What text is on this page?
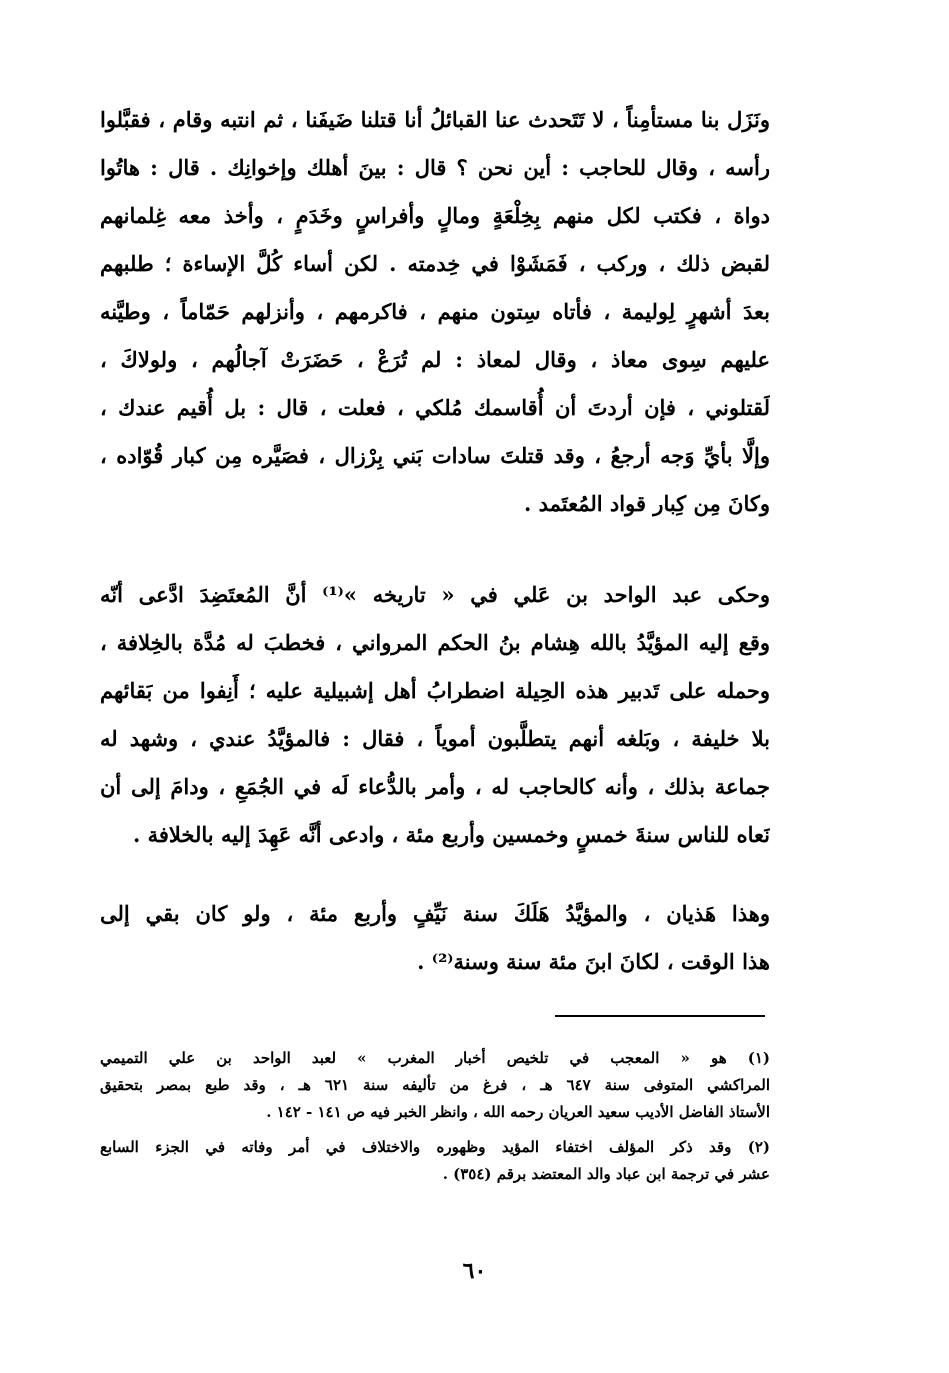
ونَزَل بنا مستأمِناً ، لا تَتَحدث عنا القبائلُ أنا قتلنا ضَيفَنا ، ثم انتبه وقام ، فقبَّلوا
رأسه ، وقال للحاجب : أين نحن ؟ قال : بينَ أهلك وإخوانِك . قال : هاتُوا
دواة ، فكتب لكل منهم بِخِلْعَةٍ ومالٍ وأفراسٍ وخَدَمٍ ، وأخذ معه غِلمانهم
لقبض ذلك ، وركب ، فَمَشَوْا في خِدمته . لكن أساء كُلَّ الإساءة ؛ طلبهم
بعدَ أشهرٍ لِوليمة ، فأتاه سِتون منهم ، فاكرمهم ، وأنزلهم حَمّاماً ، وطيَّنه
عليهم سِوى معاذ ، وقال لمعاذ : لم تُرَعْ ، حَضَرَتْ آجالُهم ، ولولاكَ ،
لَقتلوني ، فإن أردتَ أن أُقاسمك مُلكي ، فعلت ، قال : بل أُقيم عندك ،
وإلَّا بأيِّ وَجه أرجعُ ، وقد قتلتَ سادات بَني بِرْزال ، فصَيَّره مِن كبار قُوّاده ،
وكانَ مِن كِبار قواد المُعتَمد .
وحكى عبد الواحد بن عَلي في « تاريخه »⁽¹⁾ أنَّ المُعتَضِدَ ادَّعى أنّه
وقع إليه المؤيَّدُ بالله هِشام بنُ الحكم المرواني ، فخطبَ له مُدَّة بالخِلافة ،
وحمله على تَدبير هذه الحِيلة اضطرابُ أهل إشبيلية عليه ؛ أَنِفوا من بَقائهم
بلا خليفة ، وبَلغه أنهم يتطلَّبون أموياً ، فقال : فالمؤيَّدُ عندي ، وشهد له
جماعة بذلك ، وأنه كالحاجب له ، وأمر بالدُّعاء لَه في الجُمَعِ ، ودامَ إلى أن
نَعاه للناس سنةَ خمسٍ وخمسين وأربع مئة ، وادعى أنَّه عَهِدَ إليه بالخلافة .
وهذا هَذيان ، والمؤيَّدُ هَلَكَ سنة نَيِّفٍ وأربع مئة ، ولو كان بقي إلى
هذا الوقت ، لكانَ ابنَ مئة سنة وسنة⁽²⁾ .
(١) هو « المعجب في تلخيص أخبار المغرب » لعبد الواحد بن علي التميمي
المراكشي المتوفى سنة ٦٤٧ هـ ، فرغ من تأليفه سنة ٦٢١ هـ ، وقد طبع بمصر بتحقيق
الأستاذ الفاضل الأديب سعيد العريان رحمه الله ، وانظر الخبر فيه ص ١٤١ - ١٤٢ .
(٢) وقد ذكر المؤلف اختفاء المؤيد وظهوره والاختلاف في أمر وفاته في الجزء السابع
عشر في ترجمة ابن عباد والد المعتضد برقم (٣٥٤) .
٦٠
